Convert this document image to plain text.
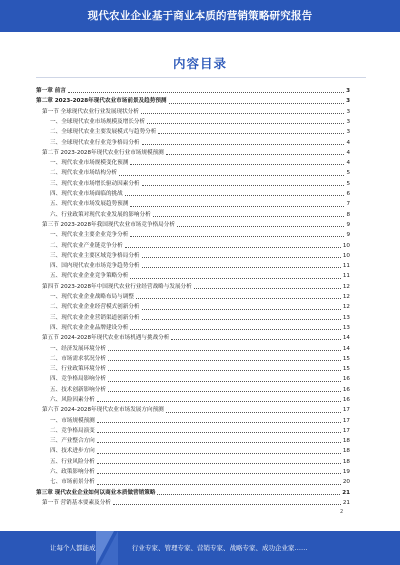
现代农业企业基于商业本质的营销策略研究报告
内容目录
第一章 前言	3
第二章 2023-2028年现代农业市场前景及趋势预测	3
第一节 全球现代农业行业发展现状分析	3
一、全球现代农业市场规模及增长分析	3
二、全球现代农业主要发展模式与趋势分析	3
三、全球现代农业行业竞争格局分析	4
第二节 2023-2028年现代农业行业市场规模预测	4
一、现代农业市场规模变化预测	4
二、现代农业市场结构分析	5
三、现代农业市场增长驱动因素分析	5
四、现代农业市场面临的挑战	6
五、现代农业市场发展趋势预测	7
六、行业政策对现代农业发展的影响分析	8
第三节 2023-2028年我国现代农业市场竞争格局分析	9
一、现代农业主要企业竞争分析	9
二、现代农业产业链竞争分析	10
三、现代农业主要区域竞争格局分析	10
四、国内现代农业市场竞争趋势分析	11
五、现代农业企业竞争策略分析	11
第四节 2023-2028年中国现代农业行业经营战略与发展分析	12
一、现代农业企业战略布局与调整	12
二、现代农业企业经营模式创新分析	12
三、现代农业企业营销渠道创新分析	13
四、现代农业企业品牌建设分析	13
第五节 2024-2028年现代农业市场机遇与挑战分析	14
一、经济发展环境分析	14
二、市场需求状况分析	15
三、行业政策环境分析	15
四、竞争格局影响分析	16
五、技术创新影响分析	16
六、风险因素分析	16
第六节 2024-2028年现代农业市场发展方向预测	17
一、市场规模预测	17
二、竞争格局演变	17
三、产业整合方向	18
四、技术进步方向	18
五、行业风险分析	18
六、政策影响分析	19
七、市场前景分析	20
第三章 现代农业企业如何以商业本质做营销策略	21
第一节 营销基本要素及分析	21
2
让每个人都能成为	行业专家、管理专家、营销专家、战略专家、成功企业家……
